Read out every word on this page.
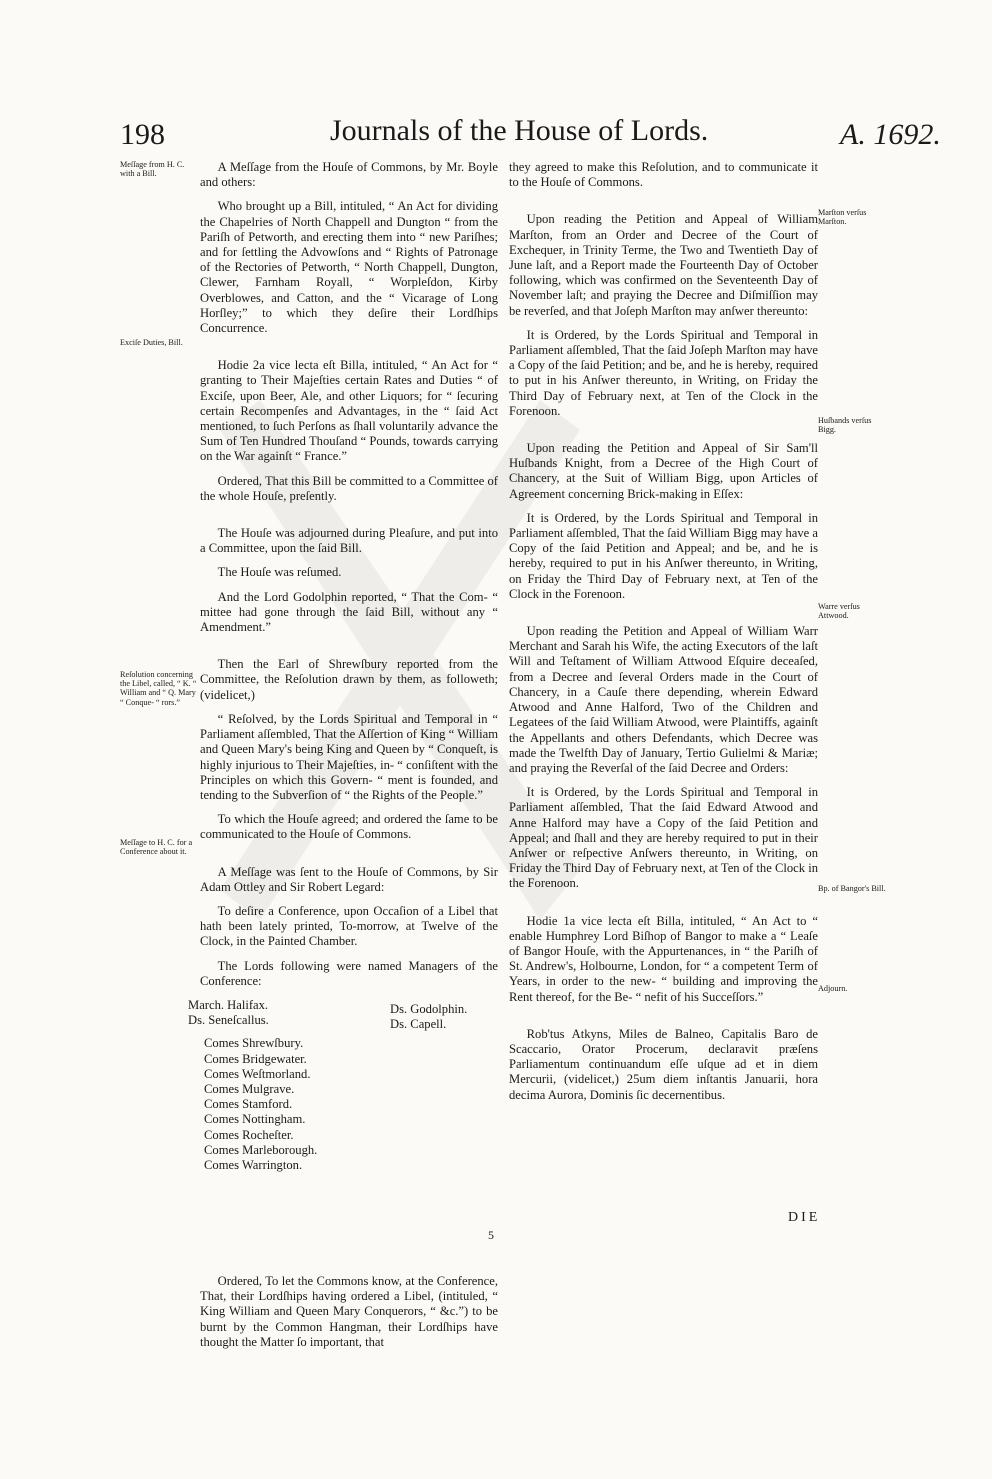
198	Journals of the House of Lords.	A. 1692.
Meſſage from H. C. with a Bill.
Exciſe Duties, Bill.
Reſolution concerning the Libel, called, “ K. “ William and “ Q. Mary “ Conque‑ “ rors.”
Meſſage to H. C. for a Conference about it.
Marſton verſus Marſton.
Huſbands verſus Bigg.
Warre verſus Attwood.
Bp. of Bangor's Bill.
Adjourn.

A Meſſage from the Houſe of Commons, by Mr. Boyle and others:

Who brought up a Bill, intituled, “ An Act for dividing the Chapelries of North Chappell and Dungton “ from the Pariſh of Petworth, and erecting them into “ new Pariſhes; and for ſettling the Advowſons and “ Rights of Patronage of the Rectories of Petworth, “ North Chappell, Dungton, Clewer, Farnham Royall, “ Worpleſdon, Kirby Overblowes, and Catton, and the “ Vicarage of Long Horſley;” to which they deſire their Lordſhips Concurrence.

Hodie 2a vice lecta eſt Billa, intituled, “ An Act for “ granting to Their Majeſties certain Rates and Duties “ of Exciſe, upon Beer, Ale, and other Liquors; for “ ſecuring certain Recompenſes and Advantages, in the “ ſaid Act mentioned, to ſuch Perſons as ſhall voluntarily advance the Sum of Ten Hundred Thouſand “ Pounds, towards carrying on the War againſt “ France.”

Ordered, That this Bill be committed to a Committee of the whole Houſe, preſently.

The Houſe was adjourned during Pleaſure, and put into a Committee, upon the ſaid Bill.

The Houſe was reſumed.

And the Lord Godolphin reported, “ That the Com‑ “ mittee had gone through the ſaid Bill, without any “ Amendment.”

Then the Earl of Shrewſbury reported from the Committee, the Reſolution drawn by them, as followeth; (videlicet,)

“ Reſolved, by the Lords Spiritual and Temporal in “ Parliament aſſembled, That the Aſſertion of King “ William and Queen Mary's being King and Queen by “ Conqueſt, is highly injurious to Their Majeſties, in‑ “ conſiſtent with the Principles on which this Govern‑ “ ment is founded, and tending to the Subverſion of “ the Rights of the People.”

To which the Houſe agreed; and ordered the ſame to be communicated to the Houſe of Commons.

A Meſſage was ſent to the Houſe of Commons, by Sir Adam Ottley and Sir Robert Legard:

To deſire a Conference, upon Occaſion of a Libel that hath been lately printed, To‑morrow, at Twelve of the Clock, in the Painted Chamber.

The Lords following were named Managers of the Conference:

March. Halifax.
Ds. Seneſcallus.
Comes Shrewſbury.
Comes Bridgewater.
Comes Weſtmorland.
Comes Mulgrave.
Comes Stamford.
Comes Nottingham.
Comes Rocheſter.
Comes Marleborough.
Comes Warrington.
Ds. Godolphin.
Ds. Capell.

Ordered, To let the Commons know, at the Conference, That, their Lordſhips having ordered a Libel, (intituled, “ King William and Queen Mary Conquerors, “ &c.”) to be burnt by the Common Hangman, their Lordſhips have thought the Matter ſo important, that

5

they agreed to make this Reſolution, and to communicate it to the Houſe of Commons.

Upon reading the Petition and Appeal of William Marſton, from an Order and Decree of the Court of Exchequer, in Trinity Terme, the Two and Twentieth Day of June laſt, and a Report made the Fourteenth Day of October following, which was confirmed on the Seventeenth Day of November laſt; and praying the Decree and Diſmiſſion may be reverſed, and that Joſeph Marſton may anſwer thereunto:

It is Ordered, by the Lords Spiritual and Temporal in Parliament aſſembled, That the ſaid Joſeph Marſton may have a Copy of the ſaid Petition; and be, and he is hereby, required to put in his Anſwer thereunto, in Writing, on Friday the Third Day of February next, at Ten of the Clock in the Forenoon.

Upon reading the Petition and Appeal of Sir Sam'll Huſbands Knight, from a Decree of the High Court of Chancery, at the Suit of William Bigg, upon Articles of Agreement concerning Brick‑making in Eſſex:

It is Ordered, by the Lords Spiritual and Temporal in Parliament aſſembled, That the ſaid William Bigg may have a Copy of the ſaid Petition and Appeal; and be, and he is hereby, required to put in his Anſwer thereunto, in Writing, on Friday the Third Day of February next, at Ten of the Clock in the Forenoon.

Upon reading the Petition and Appeal of William Warr Merchant and Sarah his Wife, the acting Executors of the laſt Will and Teſtament of William Attwood Eſquire deceaſed, from a Decree and ſeveral Orders made in the Court of Chancery, in a Cauſe there depending, wherein Edward Atwood and Anne Halford, Two of the Children and Legatees of the ſaid William Atwood, were Plaintiffs, againſt the Appellants and others Defendants, which Decree was made the Twelfth Day of January, Tertio Gulielmi & Mariæ; and praying the Reverſal of the ſaid Decree and Orders:

It is Ordered, by the Lords Spiritual and Temporal in Parliament aſſembled, That the ſaid Edward Atwood and Anne Halford may have a Copy of the ſaid Petition and Appeal; and ſhall and they are hereby required to put in their Anſwer or reſpective Anſwers thereunto, in Writing, on Friday the Third Day of February next, at Ten of the Clock in the Forenoon.

Hodie 1a vice lecta eſt Billa, intituled, “ An Act to “ enable Humphrey Lord Biſhop of Bangor to make a “ Leaſe of Bangor Houſe, with the Appurtenances, in “ the Pariſh of St. Andrew's, Holbourne, London, for “ a competent Term of Years, in order to the new‑ “ building and improving the Rent thereof, for the Be‑ “ nefit of his Succeſſors.”

Rob'tus Atkyns, Miles de Balneo, Capitalis Baro de Scaccario, Orator Procerum, declaravit præſens Parliamentum continuandum eſſe uſque ad et in diem Mercurii, (videlicet,) 25um diem inſtantis Januarii, hora decima Aurora, Dominis ſic decernentibus.

DIE
